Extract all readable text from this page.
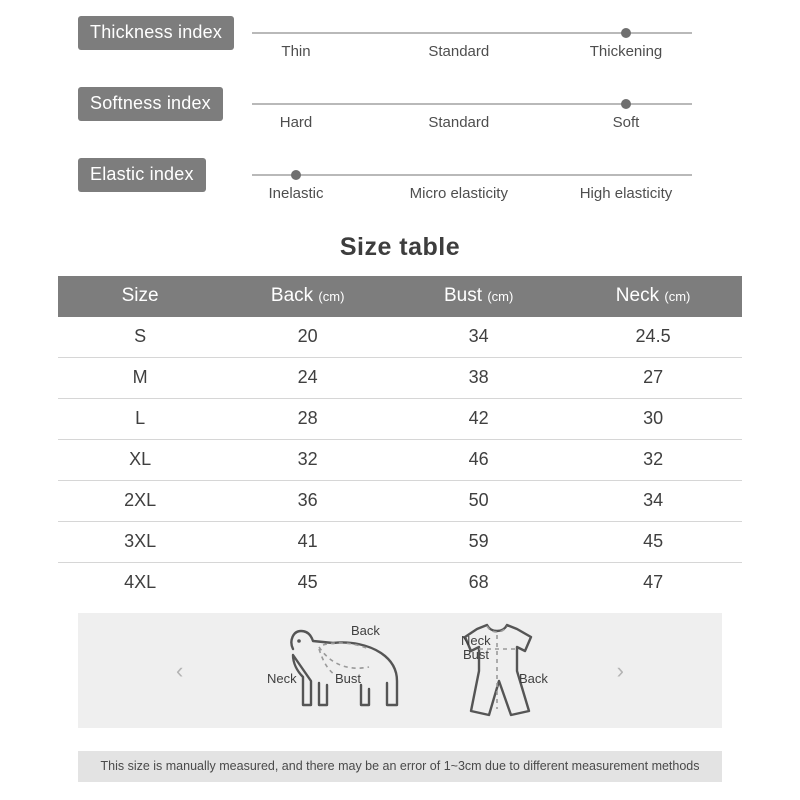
Thickness index
Thin	Standard	Thickening
Softness index
Hard	Standard	Soft
Elastic index
Inelastic	Micro elasticity	High elasticity
Size table
Size	Back (cm)	Bust (cm)	Neck (cm)
S	20	34	24.5
M	24	38	27
L	28	42	30
XL	32	46	32
2XL	36	50	34
3XL	41	59	45
4XL	45	68	47
‹	›
Back
Neck	Bust
Neck
Bust
Back
This size is manually measured, and there may be an error of 1~3cm due to different measurement methods
